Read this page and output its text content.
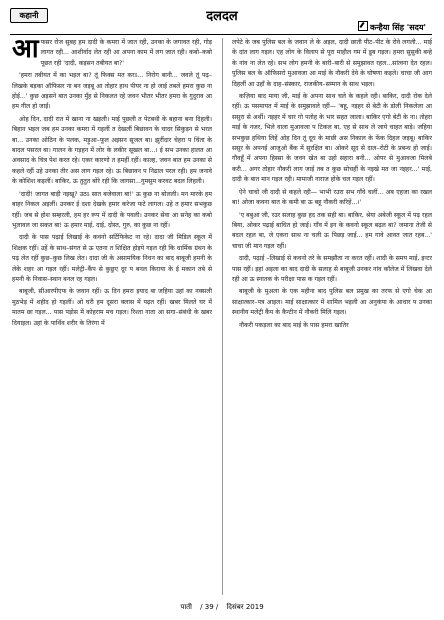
कहानी	दलदल
कन्हैया सिंह 'सदय'

आफसर रोज सुबह हम दादी के कमरा में जात रही, उनका के जगावत रही, गोड़ लागत रही... आशीर्वाद लेत रही आ अपना काम में लग जात रही। कबो–कबो पूछत रही 'दादी, कइसन तबीयत बा?'

'हमरा तबीयत में का भइल बा? तूं फिक्स मत करऽ... निरोग बानी... जवले तूं पढ़–लिखके बड़का ऑफिसर ना बन जइबू आ तोहार हाथ पीयर ना हो जाई तबले हमरा कुछ ना होई...' कुछ अइसने बात उनका मुँह से निकलत रहे जवन भीतर भीतर हमरा के गुदुराव आ हम गील हो जाईं।

ओह दिन, दादी रात में खाना ना खइली। माई पूछली त पेटबथी के बहाना बना दिहली। बिहान भइल जब हम उनका कमरा में गइलीं त देखलीं बिछावन के चादर सिकुड़न से भरल बा... उनका ओठिन के पलक, मड़ुआ–फूल अइसन सूजल बा। झुर्रीदार चेहरा प चिंता के बादल पसरल बा। गालन के गड़हन में लोर के लकीर सूखल बा...। ई सभ उनका हालत आ अवसाद के चित्र पेश करत रहे। एकर कारणो त हमहीं रहीं। काल्ह, जवन बात हम उनका से कहले रहीं उहे उनका तीर अस लाग गइल रहे। ऊ बिछावन प निढाल परल रही। हम जनावे के कोशिश कइलीं। बाकिर, ऊ तुतुत बोरे रही कि जागसा...गुमसुम करवट बदल लिहली।

'दादी! जागत बाड़ी नइखू? उठऽ सात बजेवाला बा!' ऊ कुछ ना बोलली। मन मारके हम बाहर निकल अइलीं। उनकर ई दशा देखके हमार करेजा फटे लागल। उहे त हमार सभकुछ रहीं। जब से होश सम्हरली, हम हर रूप में दादी के पवली। उनकर सेवा आ सनेह का कबो भुलावल जा सकत बा! ऊ हमार माई, दाई, दोस्त, गुरु, का कुछ ना रहीं।

दादी के पास पढ़ाई लिखाई के कवनो सर्टिफिकेट ना रहे। दादा जी मिडिल स्कूल में शिक्षक रहीं। उहें के साथ–संगत से ऊ एतना त शिक्षित होइये गइल रही कि धार्मिक ग्रंथन के पढ़ लेत रहीं कुछ–कुछ लिख लेत। दादा जी के असामयिक निधन का बाद बाबूजी हमनी के लेके शहर आ गइल रहीं। मलेट्री–कैंप से कुछुए दूर प बनल किराया के ई मकान तबे से हमनी के निवास–स्थान बनल रह गइल।

बाबूजी, सीआरपीएफ के जवान रहीं। ऊ दिन हमरा इयाद बा जहिया उहां का नक्सली मुठभेड़ में शहीद हो गइलीं। ओ घरी हम दूसरा क्लास में पढ़त रहीं। खबर मिलते घर में मातम छा गइल... पास पड़ोस में कोहराम मच गइल। रिश्ता नाता आ सगा–संबंधी के खबर दियाइल। उहां के पार्थिव शरीर के तिरंगा में

लपेटे के जब पुलिस बल के जवान ले के अइल, दादी छाती पीट–पीट के रोवे लगली... माई के दांत लाग गइल। एह लोग के विलाप से पूरा माहौल गम में डूब गइल। हमरा सुसुकी बन्हे के नांव ना लेत रहे। सभ लोग हमनी के बारी–बारी से समुझावत रहल...सांत्वना देत रहल। पुलिस बल के ऑफिसरो मुआवजा आ माई के नौकरी देवे के घोषणा कइले। चाचा जी आग दिहलीं आ उहाँ के दाह–संस्कार, राजकीय–सम्मान के साथ भइल।

कज़िया बाद माया जी, माई के अपना साथ चले के कहले रही। बाकिर, दादी रोक देले रहीं। ऊ पसमायत में माई के समुझावले रहीं— 'बहू, नइहर से बेटी के डोली निकलेला आ ससुरा से अर्थी। नइहर में चार गो पतोह के भार सहत जाला। बाकिर एगो बेटी के ना। तोहरा माई के नजर, भिले वाला मुआवजा प टिकल बा, एह से साथ ले जाये चाहत बाड़े। जहिया सभकुछ हथिया लिहें ओह दिन तूं दूध के माछी अस निकाल के फेंक दिहल जइबू। बाकिर ससुर के अपनई आजुओ बैंक में सुरक्षित बा। ओकरे सूद से दाल–रोटी के प्रबन्ध हो जाई। गौवहूँ में अपना हिस्सा के जवन खेत बा उहो सहारा बनी... ओपर से मुआवजा मिलबे करी... अगर तोहार नौकरी लाग जाई तब त कुछ सोचहीं के नइखे मत जा नइहर...' माई, दादी के बात मान गइल रही। मामाजी नाराज होके चल गइल रहीं।

ऐने चाचो जी दादी से कहले रही— भाभी रउरा सभ गाँवे चलीं... अब एहजा का रखल बा! ओजा कवना बात के कमी बा ऊ बहू नौकरी करिहें...।'

'ए बबुआ जी, रउर सलाह कुछ हद तक सही बा। बाकिर, श्रेया अबेजी स्कूल में पढ़ रहल बिया, ओकर पढ़ाई बाधित हो जाई। गाँव में इन के कवनो स्कूल बढ़ल बा? जमाना तेजी से बदल रहल बा, जे एकरा साथ ना चली ऊ पिछड़ जाई... हम गावे आवत जात रहब...' चाचा जी मान गइल रहीं।

दादी, पढ़ाई –लिखाई से कवनो तरे के समझौता ना करत रहीं। शादी के समय माई, इन्टर पास रहीं। इहां अइला का बाद दादी के सलाह से बाबूजी उनकर नांव कॉलेज में लिखवा देले रही आ ऊ स्नातक के परीक्षा पास क गइल रहीं।

बाबूजी के मुअला के एक महीना बाद पुलिस बल प्रमुख का तरफ से एगो चेक आ साक्षात्कार–पत्र आइल। माई साक्षात्कार में शामिल भइली आ अनुकंपा के आधार प उनका स्थानीय मलेट्री कैंप के कैन्टीन में नौकरी मिलि गइल।

नौकरी पकड़ला का बाद माई के पास हमरा खातिर

पाती / 39 / दिसंबर 2019
